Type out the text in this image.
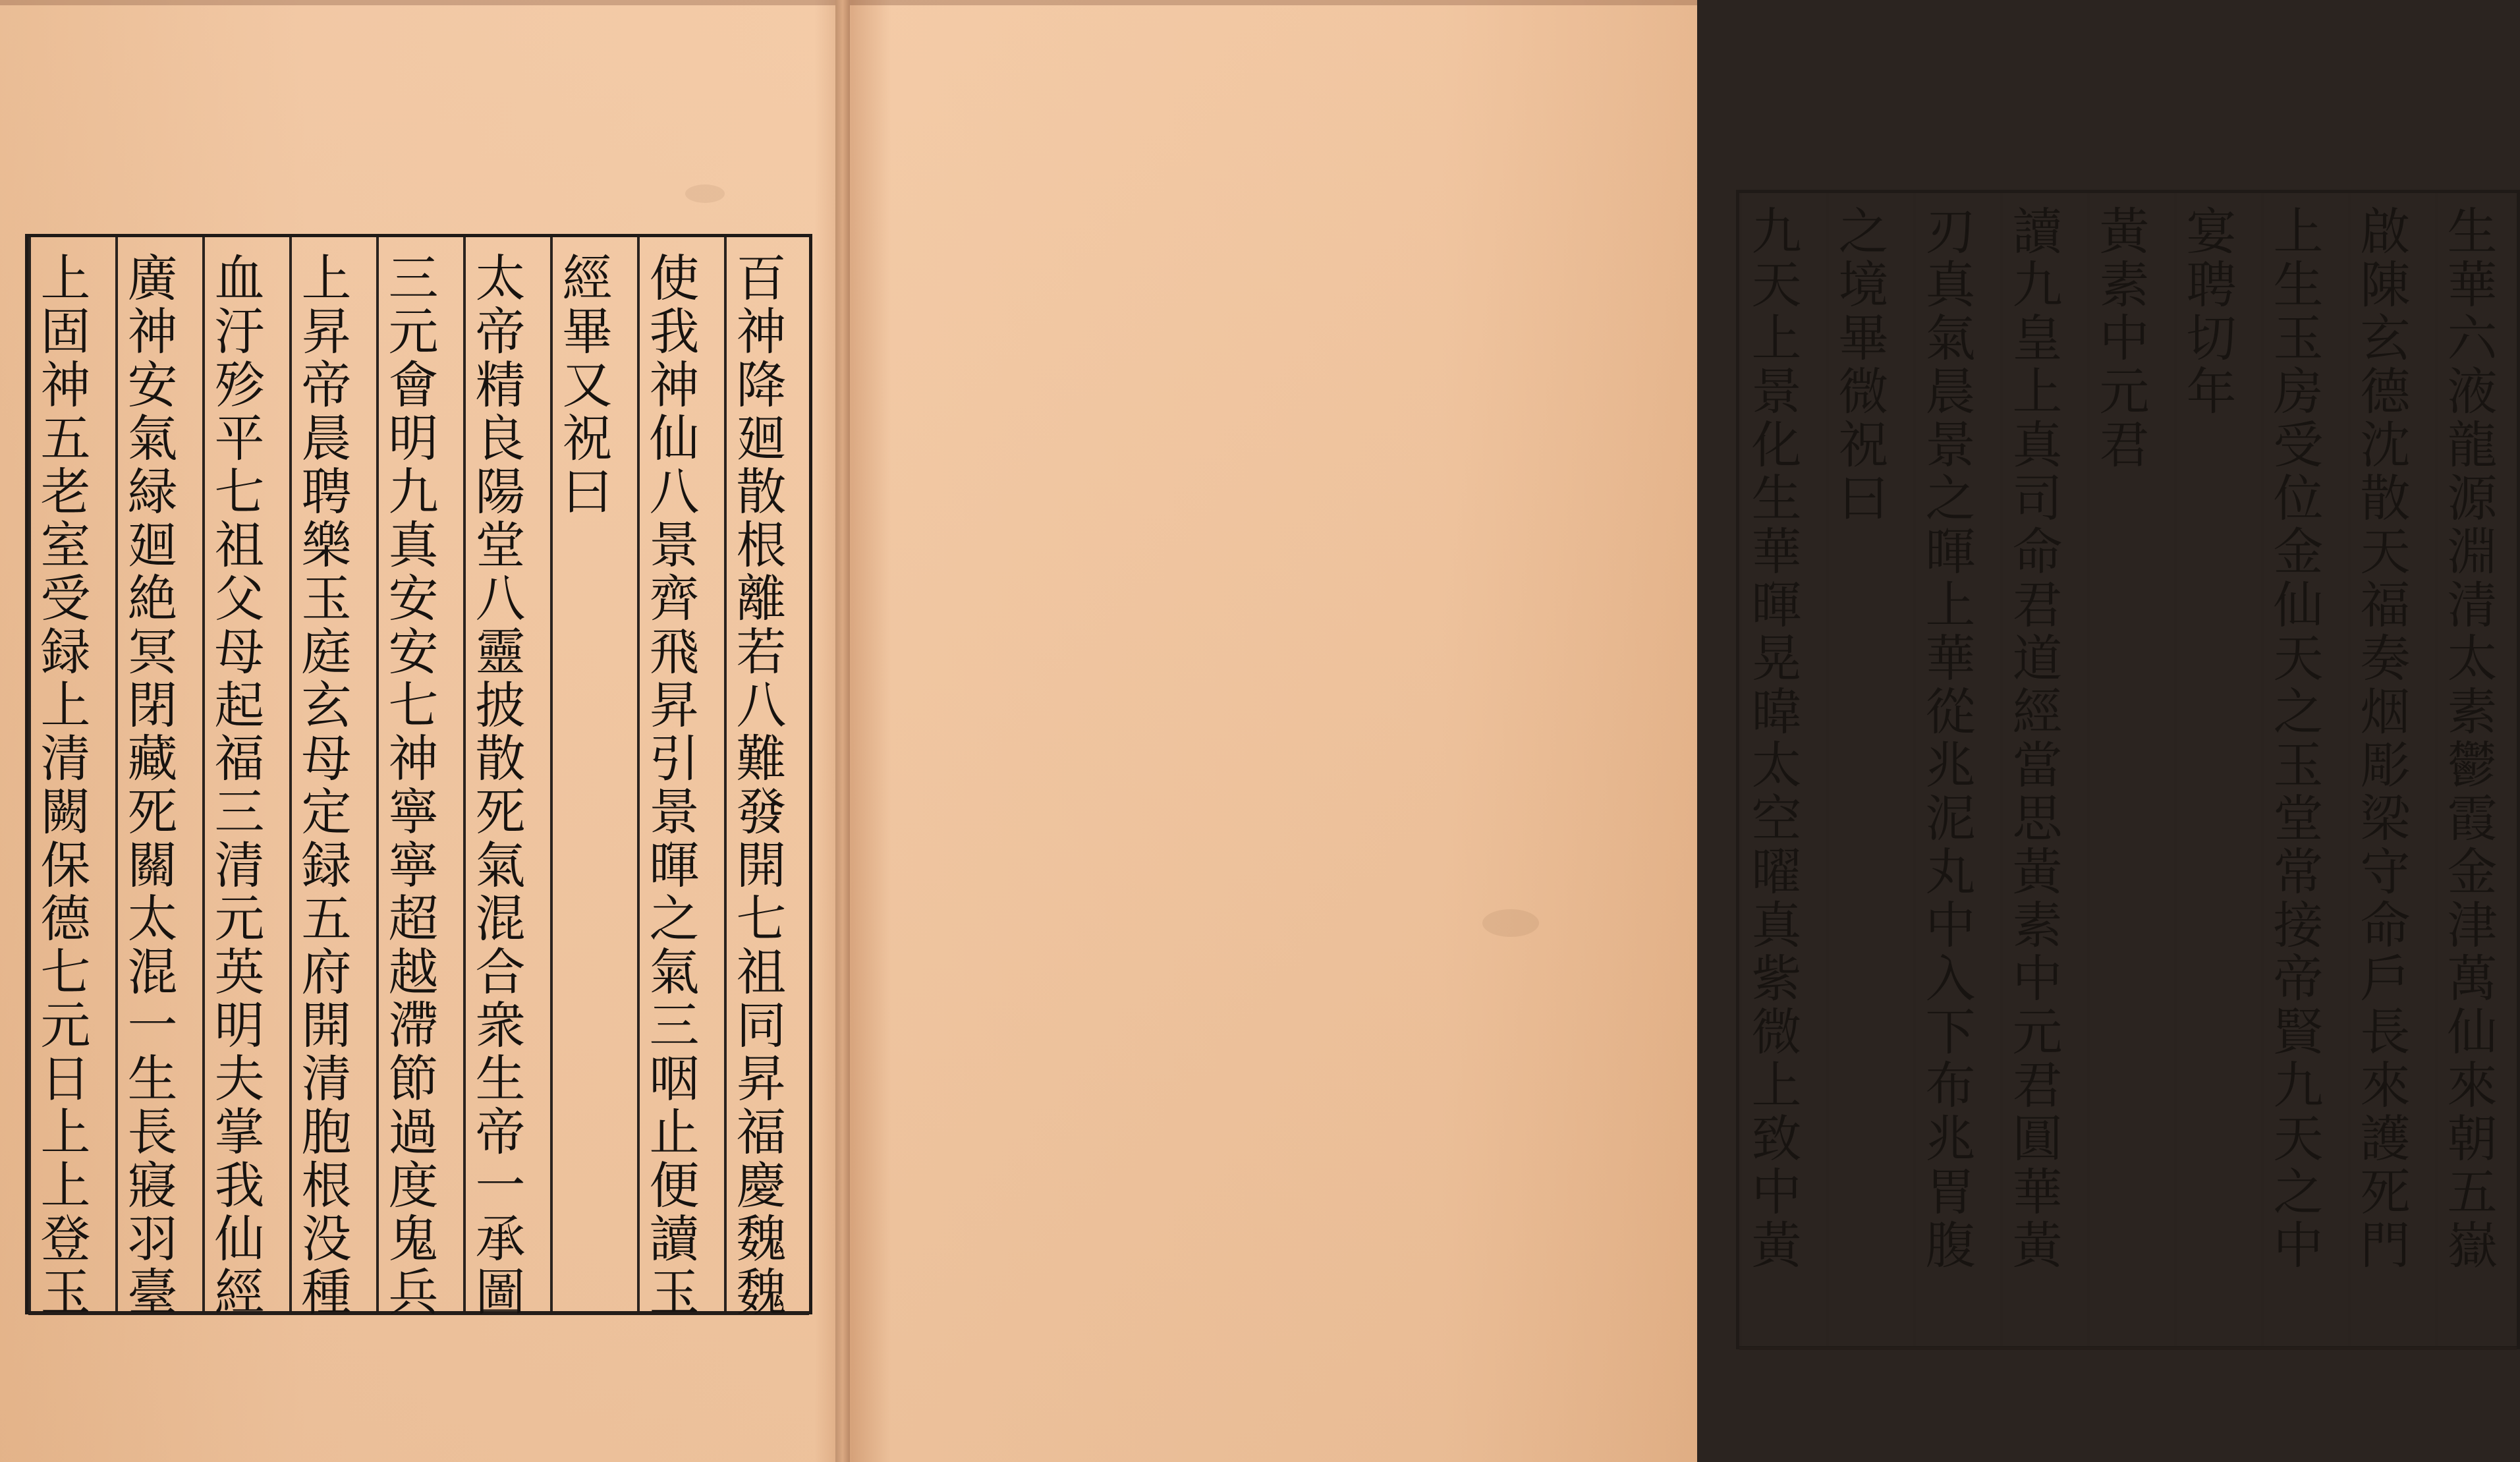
上固神五老室受録上清闕保德七元日上上登玉 廣神安氣緑廻絶冥閉藏死關太混一生長寢羽臺 血汙殄平七祖父母起福三清元英明夫掌我仙經 上昇帝晨聘樂玉庭玄母定録五府開清胞根没種 三元會明九真安安七神寧寧超越滯節過度鬼兵 太帝精良陽堂八靈披散死氣混合衆生帝一承圖 經畢又祝曰 使我神仙八景齊飛昇引景暉之氣三咽止便讀玉 百神降廻散根離若八難發開七祖同昇福慶魏魏	九天上景化生華暉晃暐太空曜真紫微上致中黃 之境畢微祝曰 刃真氣晨景之暉上華從兆泥丸中入下布兆胃腹 讀九皇上真司命君道經當思黃素中元君圓華黃 黃素中元君 宴聘切年 上生玉房受位金仙天之玉堂常接帝賢九天之中 啟陳玄德沈散天福奏烟彫梁守命戶長來護死門 生華六液龍源淵清太素鬱霞金津萬仙來朝五嶽
